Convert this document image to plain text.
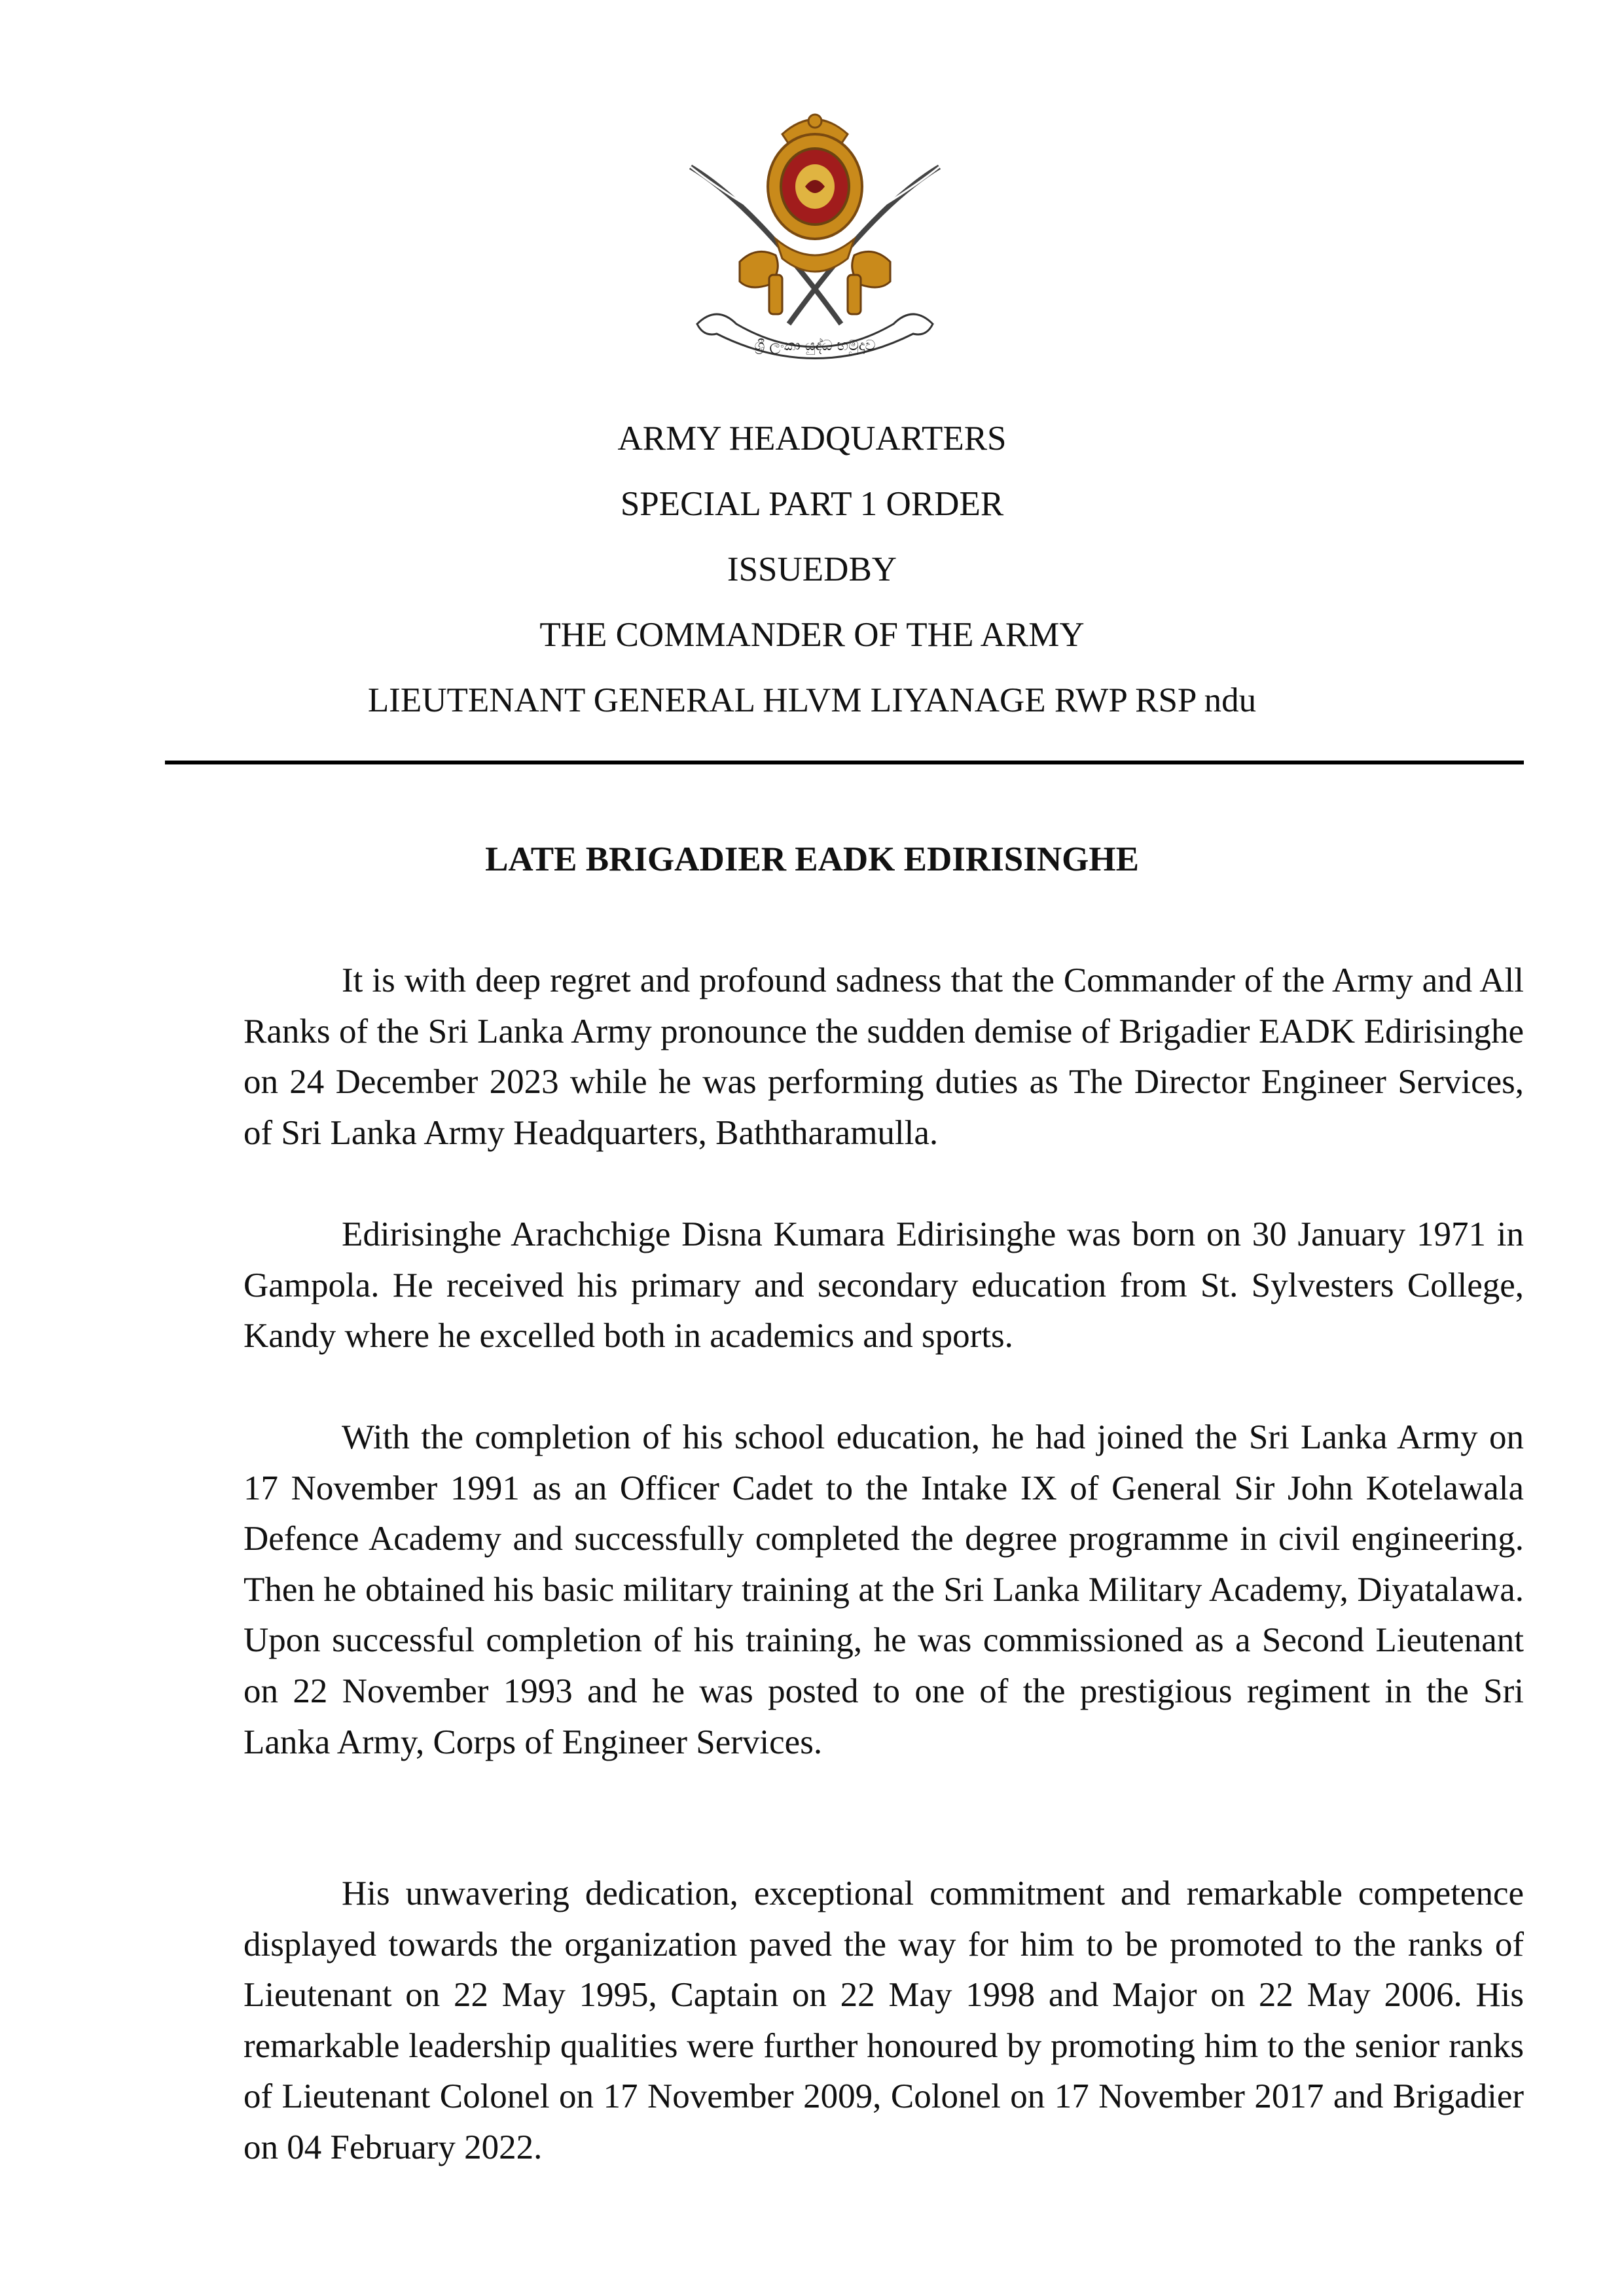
ශ්‍රී ලංකා යුද්ධ හමුදාව
ARMY HEADQUARTERS
SPECIAL PART 1 ORDER
ISSUEDBY
THE COMMANDER OF THE ARMY
LIEUTENANT GENERAL HLVM LIYANAGE RWP RSP ndu
LATE BRIGADIER EADK EDIRISINGHE

It is with deep regret and profound sadness that the Commander of the Army and All Ranks of the Sri Lanka Army pronounce the sudden demise of Brigadier EADK Edirisinghe on 24 December 2023 while he was performing duties as The Director Engineer Services, of Sri Lanka Army Headquarters, Baththaramulla.

Edirisinghe Arachchige Disna Kumara Edirisinghe was born on 30 January 1971 in Gampola. He received his primary and secondary education from St. Sylvesters College, Kandy where he excelled both in academics and sports.

With the completion of his school education, he had joined the Sri Lanka Army on 17 November 1991 as an Officer Cadet to the Intake IX of General Sir John Kotelawala Defence Academy and successfully completed the degree programme in civil engineering. Then he obtained his basic military training at the Sri Lanka Military Academy, Diyatalawa. Upon successful completion of his training, he was commissioned as a Second Lieutenant on 22 November 1993 and he was posted to one of the prestigious regiment in the Sri Lanka Army, Corps of Engineer Services.

His unwavering dedication, exceptional commitment and remarkable competence displayed towards the organization paved the way for him to be promoted to the ranks of Lieutenant on 22 May 1995, Captain on 22 May 1998 and Major on 22 May 2006. His remarkable leadership qualities were further honoured by promoting him to the senior ranks of Lieutenant Colonel on 17 November 2009, Colonel on 17 November 2017 and Brigadier on 04 February 2022.
